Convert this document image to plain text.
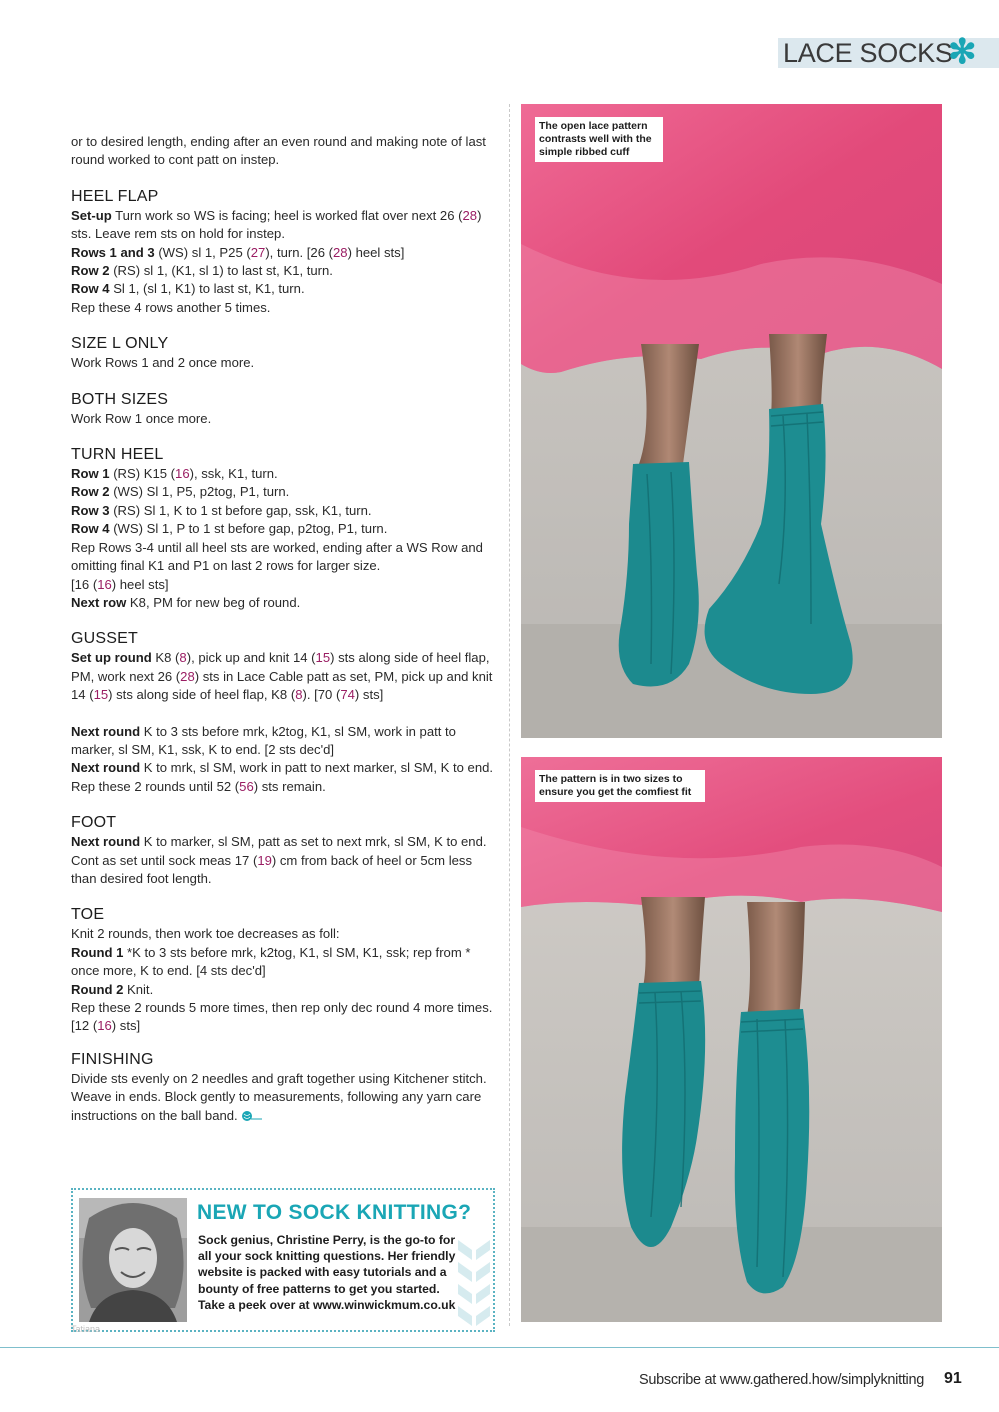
LACE SOCKS
✻

or to desired length, ending after an even round and making note of last round worked to cont patt on instep.

HEEL FLAP

Set-up Turn work so WS is facing; heel is worked flat over next 26 (28) sts. Leave rem sts on hold for instep.

Rows 1 and 3 (WS) sl 1, P25 (27), turn. [26 (28) heel sts]

Row 2 (RS) sl 1, (K1, sl 1) to last st, K1, turn.

Row 4 Sl 1, (sl 1, K1) to last st, K1, turn.

Rep these 4 rows another 5 times.

SIZE L ONLY

Work Rows 1 and 2 once more.

BOTH SIZES

Work Row 1 once more.

TURN HEEL

Row 1 (RS) K15 (16), ssk, K1, turn.

Row 2 (WS) Sl 1, P5, p2tog, P1, turn.

Row 3 (RS) Sl 1, K to 1 st before gap, ssk, K1, turn.

Row 4 (WS) Sl 1, P to 1 st before gap, p2tog, P1, turn.

Rep Rows 3-4 until all heel sts are worked, ending after a WS Row and omitting final K1 and P1 on last 2 rows for larger size.

[16 (16) heel sts]

Next row K8, PM for new beg of round.

GUSSET

Set up round K8 (8), pick up and knit 14 (15) sts along side of heel flap, PM, work next 26 (28) sts in Lace Cable patt as set, PM, pick up and knit 14 (15) sts along side of heel flap, K8 (8). [70 (74) sts]

Next round K to 3 sts before mrk, k2tog, K1, sl SM, work in patt to marker, sl SM, K1, ssk, K to end. [2 sts dec'd]

Next round K to mrk, sl SM, work in patt to next marker, sl SM, K to end.

Rep these 2 rounds until 52 (56) sts remain.

FOOT

Next round K to marker, sl SM, patt as set to next mrk, sl SM, K to end.

Cont as set until sock meas 17 (19) cm from back of heel or 5cm less than desired foot length.

TOE

Knit 2 rounds, then work toe decreases as foll:

Round 1 *K to 3 sts before mrk, k2tog, K1, sl SM, K1, ssk; rep from * once more, K to end. [4 sts dec'd]

Round 2 Knit.

Rep these 2 rounds 5 more times, then rep only dec round 4 more times. [12 (16) sts]

FINISHING

Divide sts evenly on 2 needles and graft together using Kitchener stitch. Weave in ends. Block gently to measurements, following any yarn care instructions on the ball band.

The open lace pattern contrasts well with the simple ribbed cuff
The pattern is in two sizes to ensure you get the comfiest fit
NEW TO SOCK KNITTING?
Sock genius, Christine Perry, is the go-to for all your sock knitting questions. Her friendly website is packed with easy tutorials and a bounty of free patterns to get you started. Take a peek over at www.winwickmum.co.uk
Tatiana
Subscribe at www.gathered.how/simplyknitting 91
